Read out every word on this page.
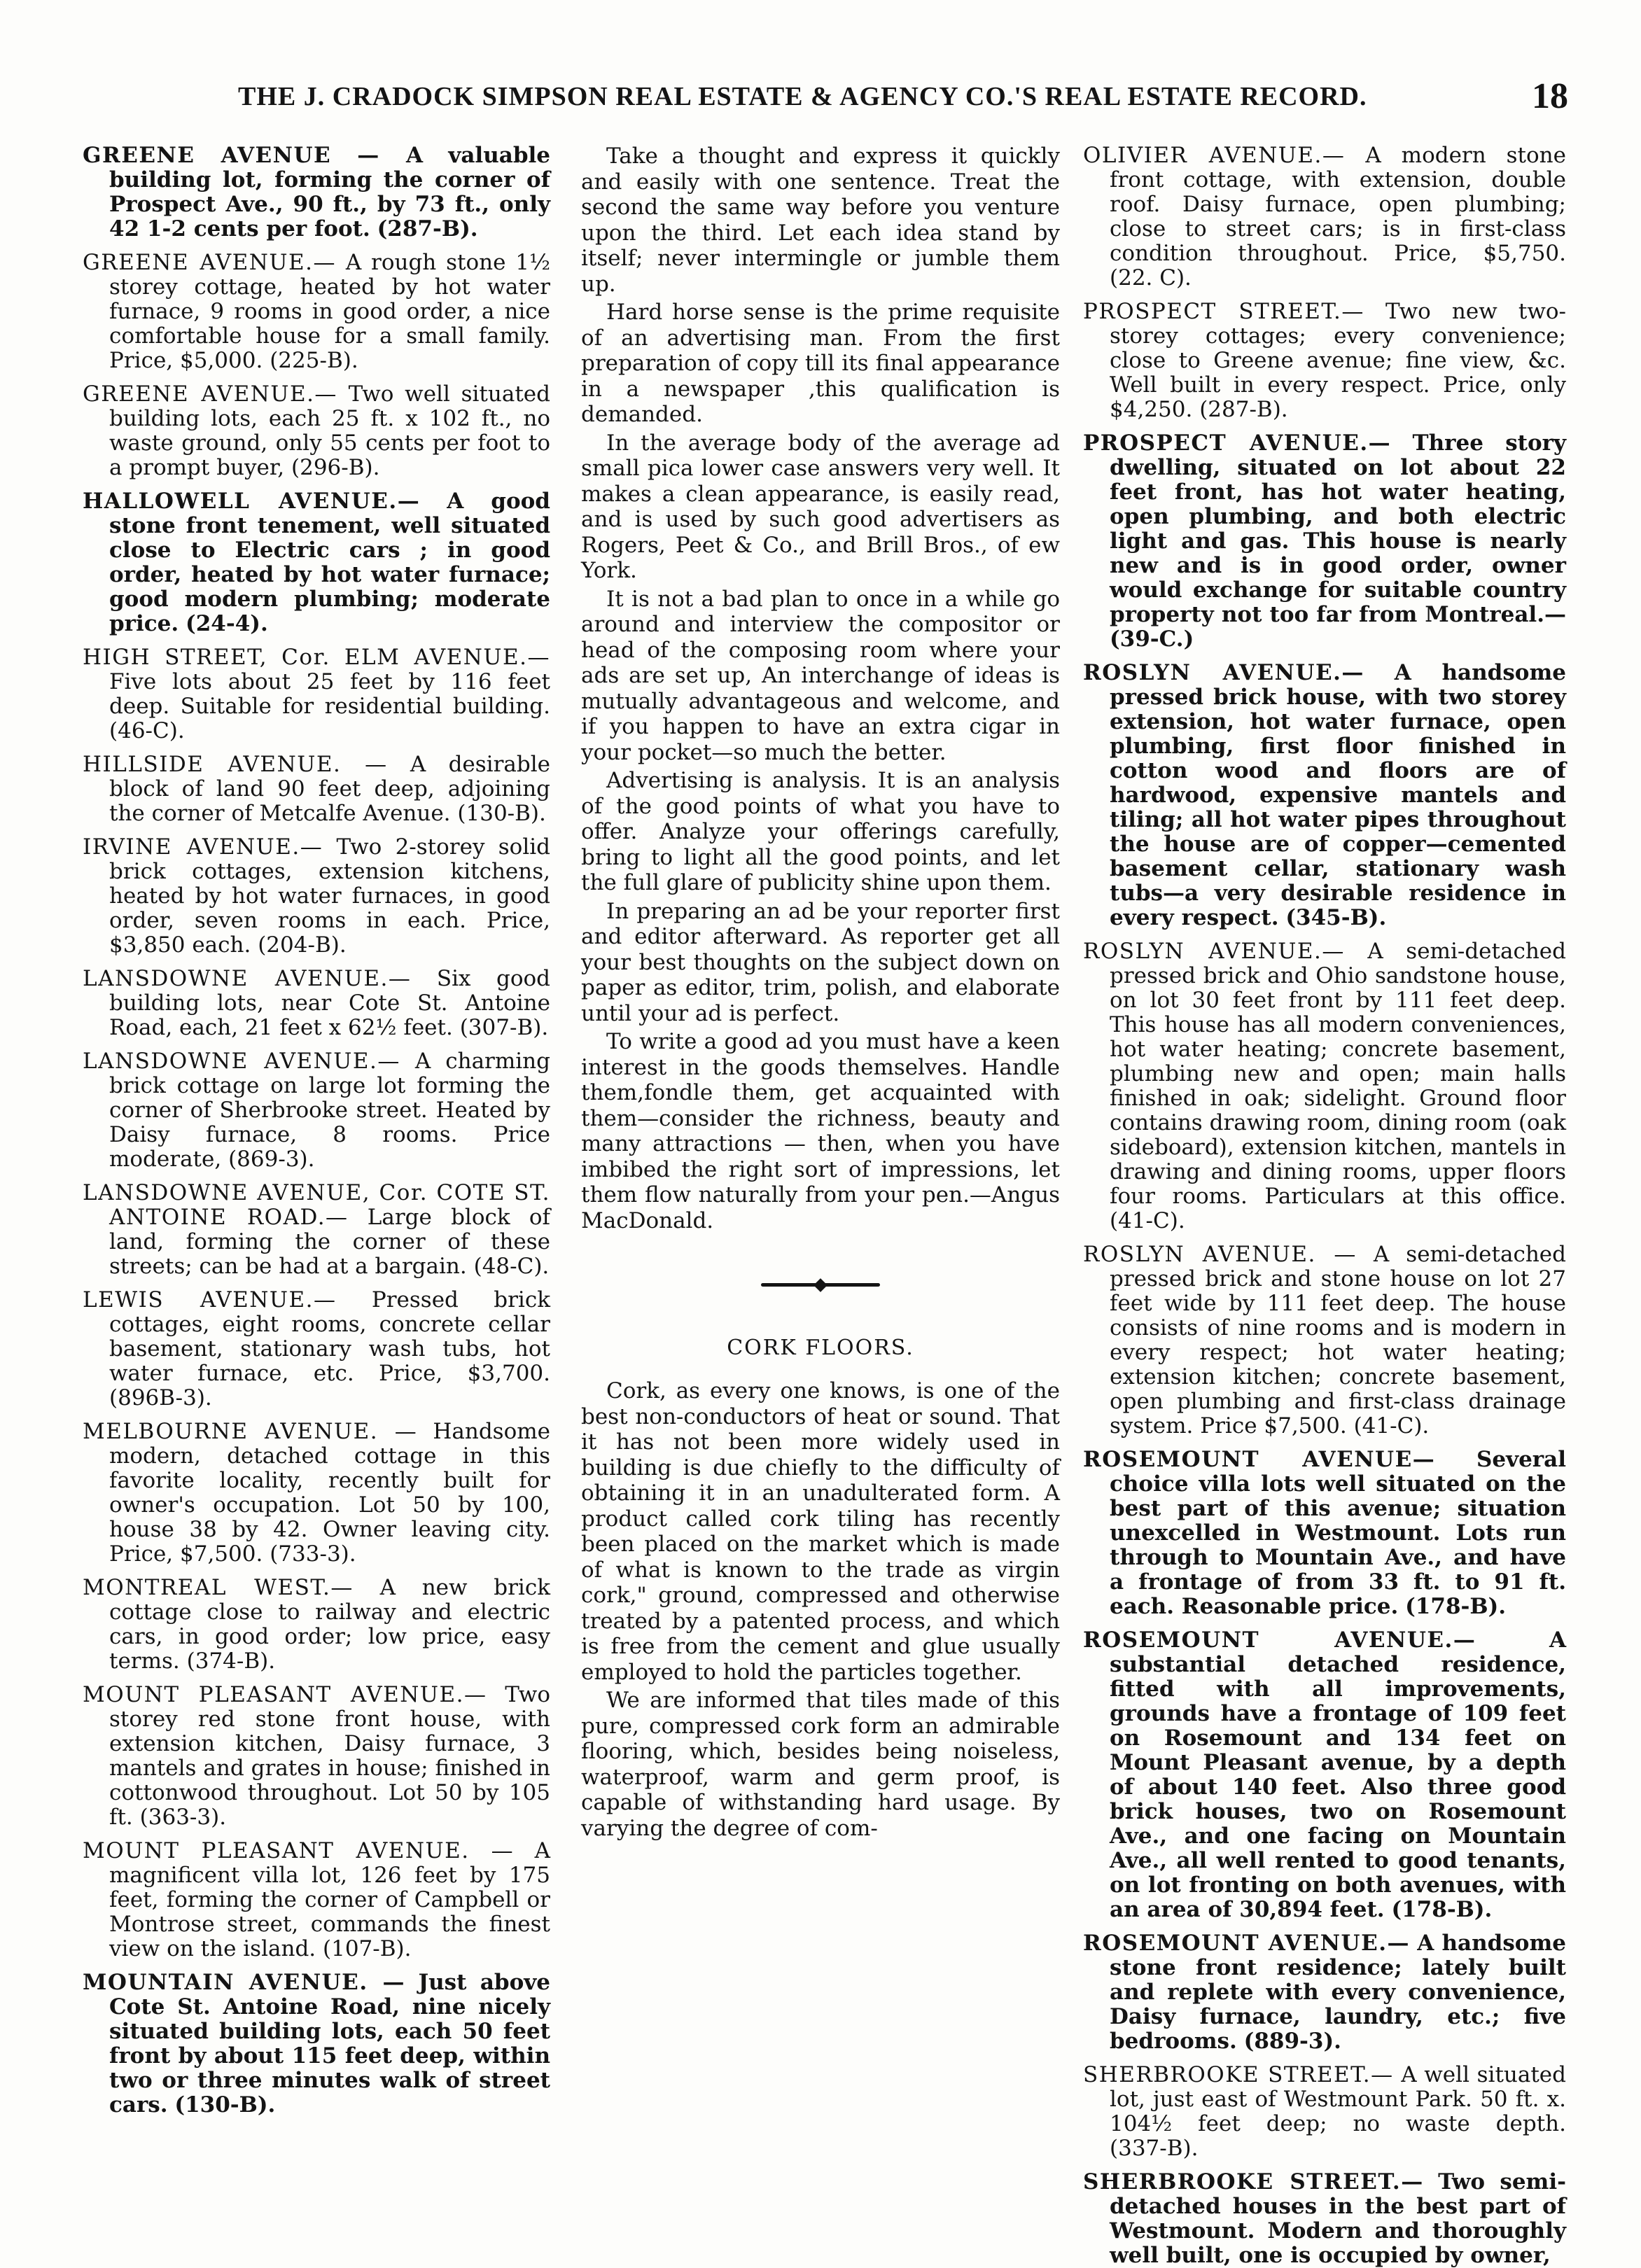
THE J. CRADOCK SIMPSON REAL ESTATE & AGENCY CO.'S REAL ESTATE RECORD.	18

GREENE AVENUE — A valuable building lot, forming the corner of Prospect Ave., 90 ft., by 73 ft., only 42 1-2 cents per foot. (287-B).

GREENE AVENUE.— A rough stone 1½ storey cottage, heated by hot water furnace, 9 rooms in good order, a nice comfortable house for a small family. Price, $5,000. (225-B).

GREENE AVENUE.— Two well situated building lots, each 25 ft. x 102 ft., no waste ground, only 55 cents per foot to a prompt buyer, (296-B).

HALLOWELL AVENUE.— A good stone front tenement, well situated close to Electric cars ; in good order, heated by hot water furnace; good modern plumbing; moderate price. (24-4).

HIGH STREET, Cor. ELM AVENUE.— Five lots about 25 feet by 116 feet deep. Suitable for residential building. (46-C).

HILLSIDE AVENUE. — A desirable block of land 90 feet deep, adjoining the corner of Metcalfe Avenue. (130-B).

IRVINE AVENUE.— Two 2-storey solid brick cottages, extension kitchens, heated by hot water furnaces, in good order, seven rooms in each. Price, $3,850 each. (204-B).

LANSDOWNE AVENUE.— Six good building lots, near Cote St. Antoine Road, each, 21 feet x 62½ feet. (307-B).

LANSDOWNE AVENUE.— A charming brick cottage on large lot forming the corner of Sherbrooke street. Heated by Daisy furnace, 8 rooms. Price moderate, (869-3).

LANSDOWNE AVENUE, Cor. COTE ST. ANTOINE ROAD.— Large block of land, forming the corner of these streets; can be had at a bargain. (48-C).

LEWIS AVENUE.— Pressed brick cottages, eight rooms, concrete cellar basement, stationary wash tubs, hot water furnace, etc. Price, $3,700. (896B-3).

MELBOURNE AVENUE. — Handsome modern, detached cottage in this favorite locality, recently built for owner's occupation. Lot 50 by 100, house 38 by 42. Owner leaving city. Price, $7,500. (733-3).

MONTREAL WEST.— A new brick cottage close to railway and electric cars, in good order; low price, easy terms. (374-B).

MOUNT PLEASANT AVENUE.— Two storey red stone front house, with extension kitchen, Daisy furnace, 3 mantels and grates in house; finished in cottonwood throughout. Lot 50 by 105 ft. (363-3).

MOUNT PLEASANT AVENUE. — A magnificent villa lot, 126 feet by 175 feet, forming the corner of Campbell or Montrose street, commands the finest view on the island. (107-B).

MOUNTAIN AVENUE. — Just above Cote St. Antoine Road, nine nicely situated building lots, each 50 feet front by about 115 feet deep, within two or three minutes walk of street cars. (130-B).

Take a thought and express it quickly and easily with one sentence. Treat the second the same way before you venture upon the third. Let each idea stand by itself; never intermingle or jumble them up.

Hard horse sense is the prime requisite of an advertising man. From the first preparation of copy till its final appearance in a newspaper ,this qualification is demanded.

In the average body of the average ad small pica lower case answers very well. It makes a clean appearance, is easily read, and is used by such good advertisers as Rogers, Peet & Co., and Brill Bros., of ew York.

It is not a bad plan to once in a while go around and interview the compositor or head of the composing room where your ads are set up, An interchange of ideas is mutually advantageous and welcome, and if you happen to have an extra cigar in your pocket—so much the better.

Advertising is analysis. It is an analysis of the good points of what you have to offer. Analyze your offerings carefully, bring to light all the good points, and let the full glare of publicity shine upon them.

In preparing an ad be your reporter first and editor afterward. As reporter get all your best thoughts on the subject down on paper as editor, trim, polish, and elaborate until your ad is perfect.

To write a good ad you must have a keen interest in the goods themselves. Handle them,fondle them, get acquainted with them—consider the richness, beauty and many attractions — then, when you have imbibed the right sort of impressions, let them flow naturally from your pen.—Angus MacDonald.

CORK FLOORS.

Cork, as every one knows, is one of the best non-conductors of heat or sound. That it has not been more widely used in building is due chiefly to the difficulty of obtaining it in an unadulterated form. A product called cork tiling has recently been placed on the market which is made of what is known to the trade as virgin cork," ground, compressed and otherwise treated by a patented process, and which is free from the cement and glue usually employed to hold the particles together.

We are informed that tiles made of this pure, compressed cork form an admirable flooring, which, besides being noiseless, waterproof, warm and germ proof, is capable of withstanding hard usage. By varying the degree of com-

OLIVIER AVENUE.— A modern stone front cottage, with extension, double roof. Daisy furnace, open plumbing; close to street cars; is in first-class condition throughout. Price, $5,750. (22. C).

PROSPECT STREET.— Two new two-storey cottages; every convenience; close to Greene avenue; fine view, &c. Well built in every respect. Price, only $4,250. (287-B).

PROSPECT AVENUE.— Three story dwelling, situated on lot about 22 feet front, has hot water heating, open plumbing, and both electric light and gas. This house is nearly new and is in good order, owner would exchange for suitable country property not too far from Montreal.— (39-C.)

ROSLYN AVENUE.— A handsome pressed brick house, with two storey extension, hot water furnace, open plumbing, first floor finished in cotton wood and floors are of hardwood, expensive mantels and tiling; all hot water pipes throughout the house are of copper—cemented basement cellar, stationary wash tubs—a very desirable residence in every respect. (345-B).

ROSLYN AVENUE.— A semi-detached pressed brick and Ohio sandstone house, on lot 30 feet front by 111 feet deep. This house has all modern conveniences, hot water heating; concrete basement, plumbing new and open; main halls finished in oak; sidelight. Ground floor contains drawing room, dining room (oak sideboard), extension kitchen, mantels in drawing and dining rooms, upper floors four rooms. Particulars at this office. (41-C).

ROSLYN AVENUE. — A semi-detached pressed brick and stone house on lot 27 feet wide by 111 feet deep. The house consists of nine rooms and is modern in every respect; hot water heating; extension kitchen; concrete basement, open plumbing and first-class drainage system. Price $7,500. (41-C).

ROSEMOUNT AVENUE— Several choice villa lots well situated on the best part of this avenue; situation unexcelled in Westmount. Lots run through to Mountain Ave., and have a frontage of from 33 ft. to 91 ft. each. Reasonable price. (178-B).

ROSEMOUNT AVENUE.—	A substantial detached residence, fitted with all improvements, grounds have a frontage of 109 feet on Rosemount and 134 feet on Mount Pleasant avenue, by a depth of about 140 feet. Also three good brick houses, two on Rosemount Ave., and one facing on Mountain Ave., all well rented to good tenants, on lot fronting on both avenues, with an area of 30,894 feet. (178-B).

ROSEMOUNT AVENUE.— A handsome stone front residence; lately built and replete with every convenience, Daisy furnace, laundry, etc.; five bedrooms. (889-3).

SHERBROOKE STREET.— A well situated lot, just east of Westmount Park. 50 ft. x. 104½ feet deep; no waste depth. (337-B).

SHERBROOKE STREET.— Two semi-detached houses in the best part of Westmount. Modern and thoroughly well built, one is occupied by owner,
